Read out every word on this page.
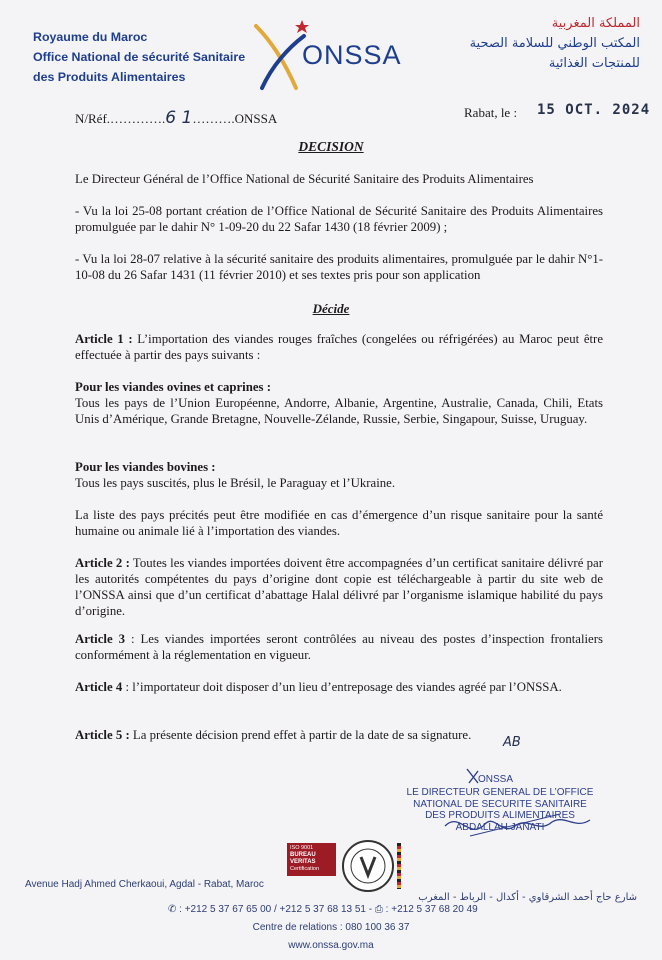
Royaume du Maroc
Office National de sécurité Sanitaire
des Produits Alimentaires
ONSSA
المملكة المغربية
المكتب الوطني للسلامة الصحية
للمنتجات الغذائية
N/Réf.………….6 1……….ONSSA	Rabat, le : 15 OCT. 2024
DECISION
Le Directeur Général de l’Office National de Sécurité Sanitaire des Produits Alimentaires
- Vu la loi 25-08 portant création de l’Office National de Sécurité Sanitaire des Produits Alimentaires promulguée par le dahir N° 1-09-20 du 22 Safar 1430 (18 février 2009) ;
- Vu la loi 28-07 relative à la sécurité sanitaire des produits alimentaires, promulguée par le dahir N°1-10-08 du 26 Safar 1431 (11 février 2010) et ses textes pris pour son application
Décide
Article 1 : L’importation des viandes rouges fraîches (congelées ou réfrigérées) au Maroc peut être effectuée à partir des pays suivants :
Pour les viandes ovines et caprines :
Tous les pays de l’Union Européenne, Andorre, Albanie, Argentine, Australie, Canada, Chili, Etats Unis d’Amérique, Grande Bretagne, Nouvelle-Zélande, Russie, Serbie, Singapour, Suisse, Uruguay.
Pour les viandes bovines :
Tous les pays suscités, plus le Brésil, le Paraguay et l’Ukraine.
La liste des pays précités peut être modifiée en cas d’émergence d’un risque sanitaire pour la santé humaine ou animale lié à l’importation des viandes.
Article 2 : Toutes les viandes importées doivent être accompagnées d’un certificat sanitaire délivré par les autorités compétentes du pays d’origine dont copie est téléchargeable à partir du site web de l’ONSSA ainsi que d’un certificat d’abattage Halal délivré par l’organisme islamique habilité du pays d’origine.
Article 3 : Les viandes importées seront contrôlées au niveau des postes d’inspection frontaliers conformément à la réglementation en vigueur.
Article 4 : l’importateur doit disposer d’un lieu d’entreposage des viandes agréé par l’ONSSA.
Article 5 : La présente décision prend effet à partir de la date de sa signature.	AB
ONSSA
LE DIRECTEUR GENERAL DE L’OFFICE
NATIONAL DE SECURITE SANITAIRE
DES PRODUITS ALIMENTAIRES
ABDALLAH JANATI
ISO 9001
BUREAU VERITAS
Certification
Avenue Hadj Ahmed Cherkaoui, Agdal - Rabat, Maroc
شارع حاج أحمد الشرقاوي - أكدال - الرباط - المغرب
✆ : +212 5 37 67 65 00 / +212 5 37 68 13 51 - ⎙ : +212 5 37 68 20 49
Centre de relations : 080 100 36 37
www.onssa.gov.ma
